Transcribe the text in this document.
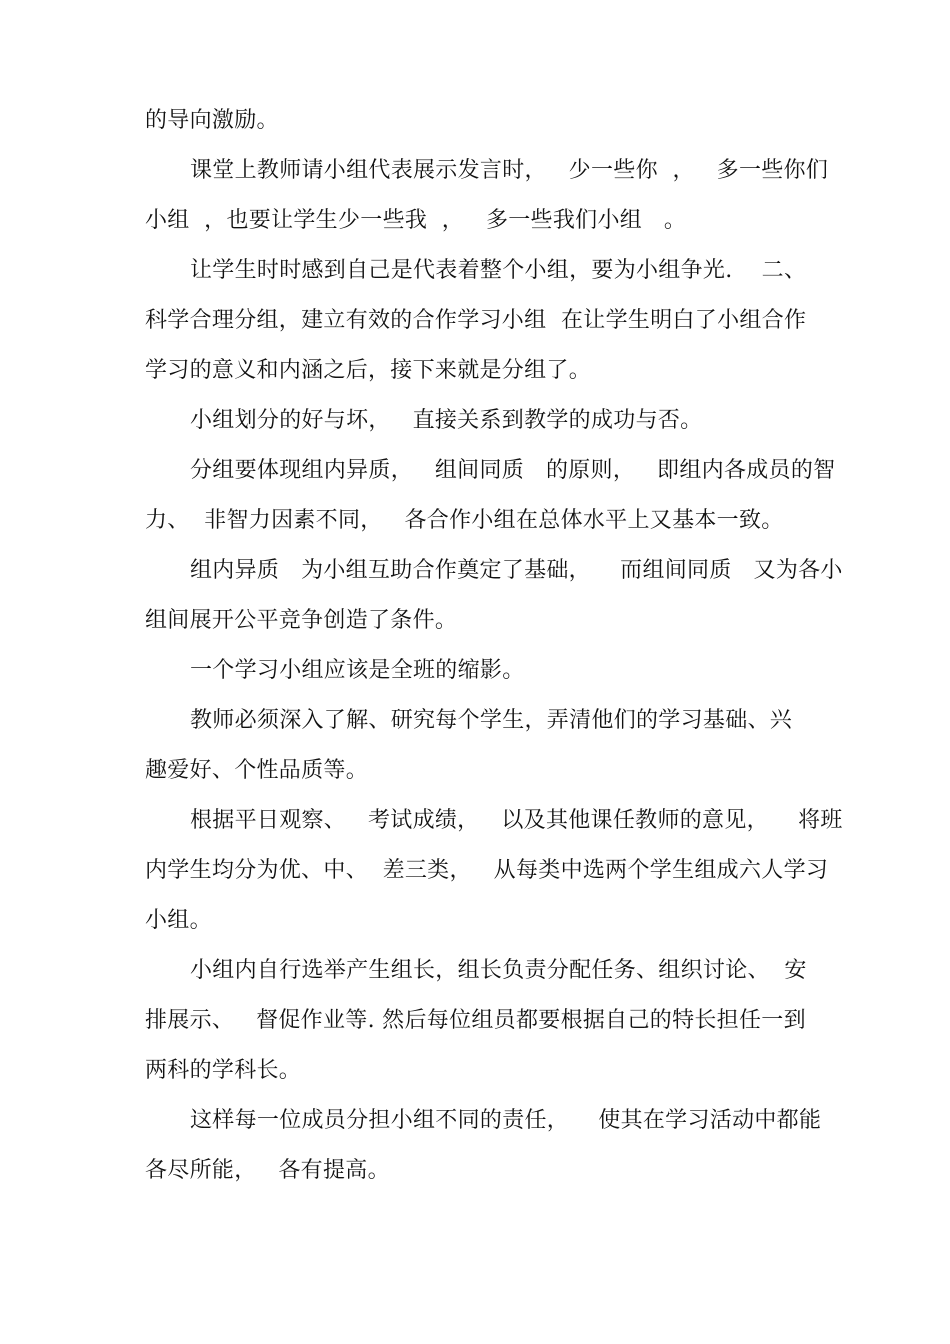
的导向激励。

课堂上教师请小组代表展示发言时，   少一些你  ，   多一些你们

小组  ，也要让学生少一些我  ，   多一些我们小组   。

让学生时时感到自己是代表着整个小组，要为小组争光.    二、

科学合理分组，建立有效的合作学习小组  在让学生明白了小组合作

学习的意义和内涵之后，接下来就是分组了。

小组划分的好与坏，   直接关系到教学的成功与否。

分组要体现组内异质，   组间同质   的原则，   即组内各成员的智

力、  非智力因素不同，   各合作小组在总体水平上又基本一致。

组内异质   为小组互助合作奠定了基础，    而组间同质   又为各小

组间展开公平竞争创造了条件。

一个学习小组应该是全班的缩影。

教师必须深入了解、研究每个学生，弄清他们的学习基础、兴

趣爱好、个性品质等。

根据平日观察、   考试成绩，   以及其他课任教师的意见，    将班

内学生均分为优、中、  差三类，   从每类中选两个学生组成六人学习

小组。

小组内自行选举产生组长，组长负责分配任务、组织讨论、  安

排展示、   督促作业等. 然后每位组员都要根据自己的特长担任一到

两科的学科长。

这样每一位成员分担小组不同的责任，    使其在学习活动中都能

各尽所能，   各有提高。
